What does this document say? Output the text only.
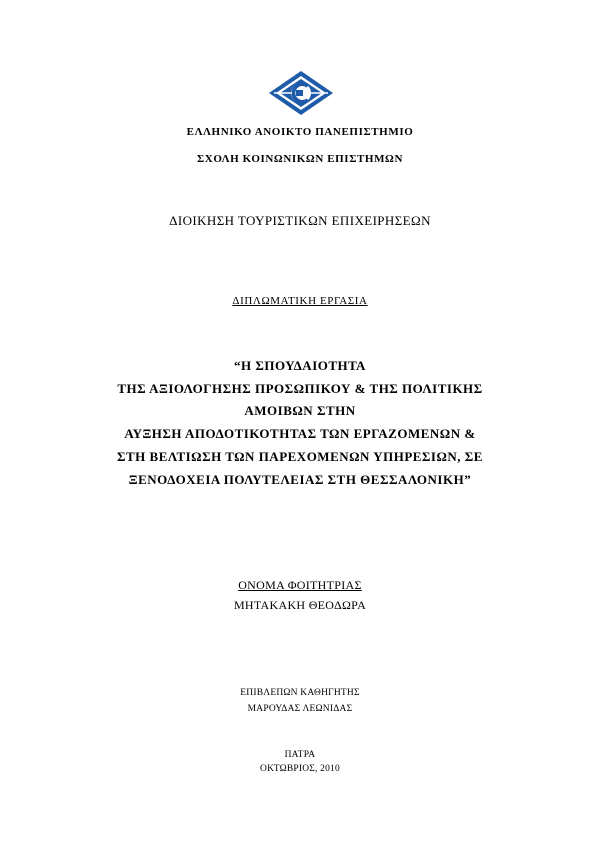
ΕΛΛΗΝΙΚΟ ΑΝΟΙΚΤΟ ΠΑΝΕΠΙΣΤΗΜΙΟ
ΣΧΟΛΗ ΚΟΙΝΩΝΙΚΩΝ ΕΠΙΣΤΗΜΩΝ
ΔΙΟΙΚΗΣΗ ΤΟΥΡΙΣΤΙΚΩΝ ΕΠΙΧΕΙΡΗΣΕΩΝ
ΔΙΠΛΩΜΑΤΙΚΗ ΕΡΓΑΣΙΑ
“Η ΣΠΟΥΔΑΙΟΤΗΤΑ
ΤΗΣ ΑΞΙΟΛΟΓΗΣΗΣ ΠΡΟΣΩΠΙΚΟΥ & ΤΗΣ ΠΟΛΙΤΙΚΗΣ
ΑΜΟΙΒΩΝ ΣΤΗΝ
ΑΥΞΗΣΗ ΑΠΟΔΟΤΙΚΟΤΗΤΑΣ ΤΩΝ ΕΡΓΑΖΟΜΕΝΩΝ &
ΣΤΗ ΒΕΛΤΙΩΣΗ ΤΩΝ ΠΑΡΕΧΟΜΕΝΩΝ ΥΠΗΡΕΣΙΩΝ, ΣΕ
ΞΕΝΟΔΟΧΕΙΑ ΠΟΛΥΤΕΛΕΙΑΣ ΣΤΗ ΘΕΣΣΑΛΟΝΙΚΗ”
ΟΝΟΜΑ ΦΟΙΤΗΤΡΙΑΣ
ΜΗΤΑΚΑΚΗ ΘΕΟΔΩΡΑ
ΕΠΙΒΛΕΠΩΝ ΚΑΘΗΓΗΤΗΣ
ΜΑΡΟΥΔΑΣ ΛΕΩΝΙΔΑΣ
ΠΑΤΡΑ
ΟΚΤΩΒΡΙΟΣ, 2010
